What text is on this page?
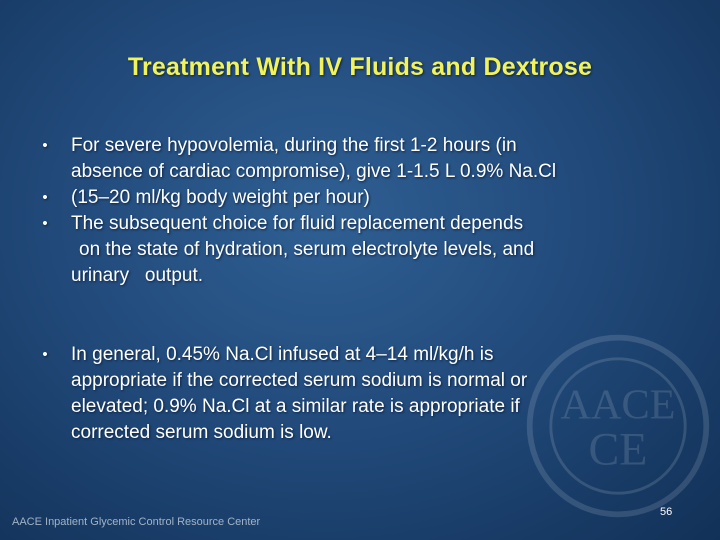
AACE
CE
Treatment With IV Fluids and Dextrose
•	For severe hypovolemia, during the first 1-2 hours (in
absence of cardiac compromise), give 1-1.5 L 0.9% Na.Cl
•	(15–20 ml/kg body weight per hour)
•	The subsequent choice for fluid replacement depends
on the state of hydration, serum electrolyte levels, and
urinary   output.
•	In general, 0.45% Na.Cl infused at 4–14 ml/kg/h is
appropriate if the corrected serum sodium is normal or
elevated; 0.9% Na.Cl at a similar rate is appropriate if
corrected serum sodium is low.
AACE Inpatient Glycemic Control Resource Center
56
